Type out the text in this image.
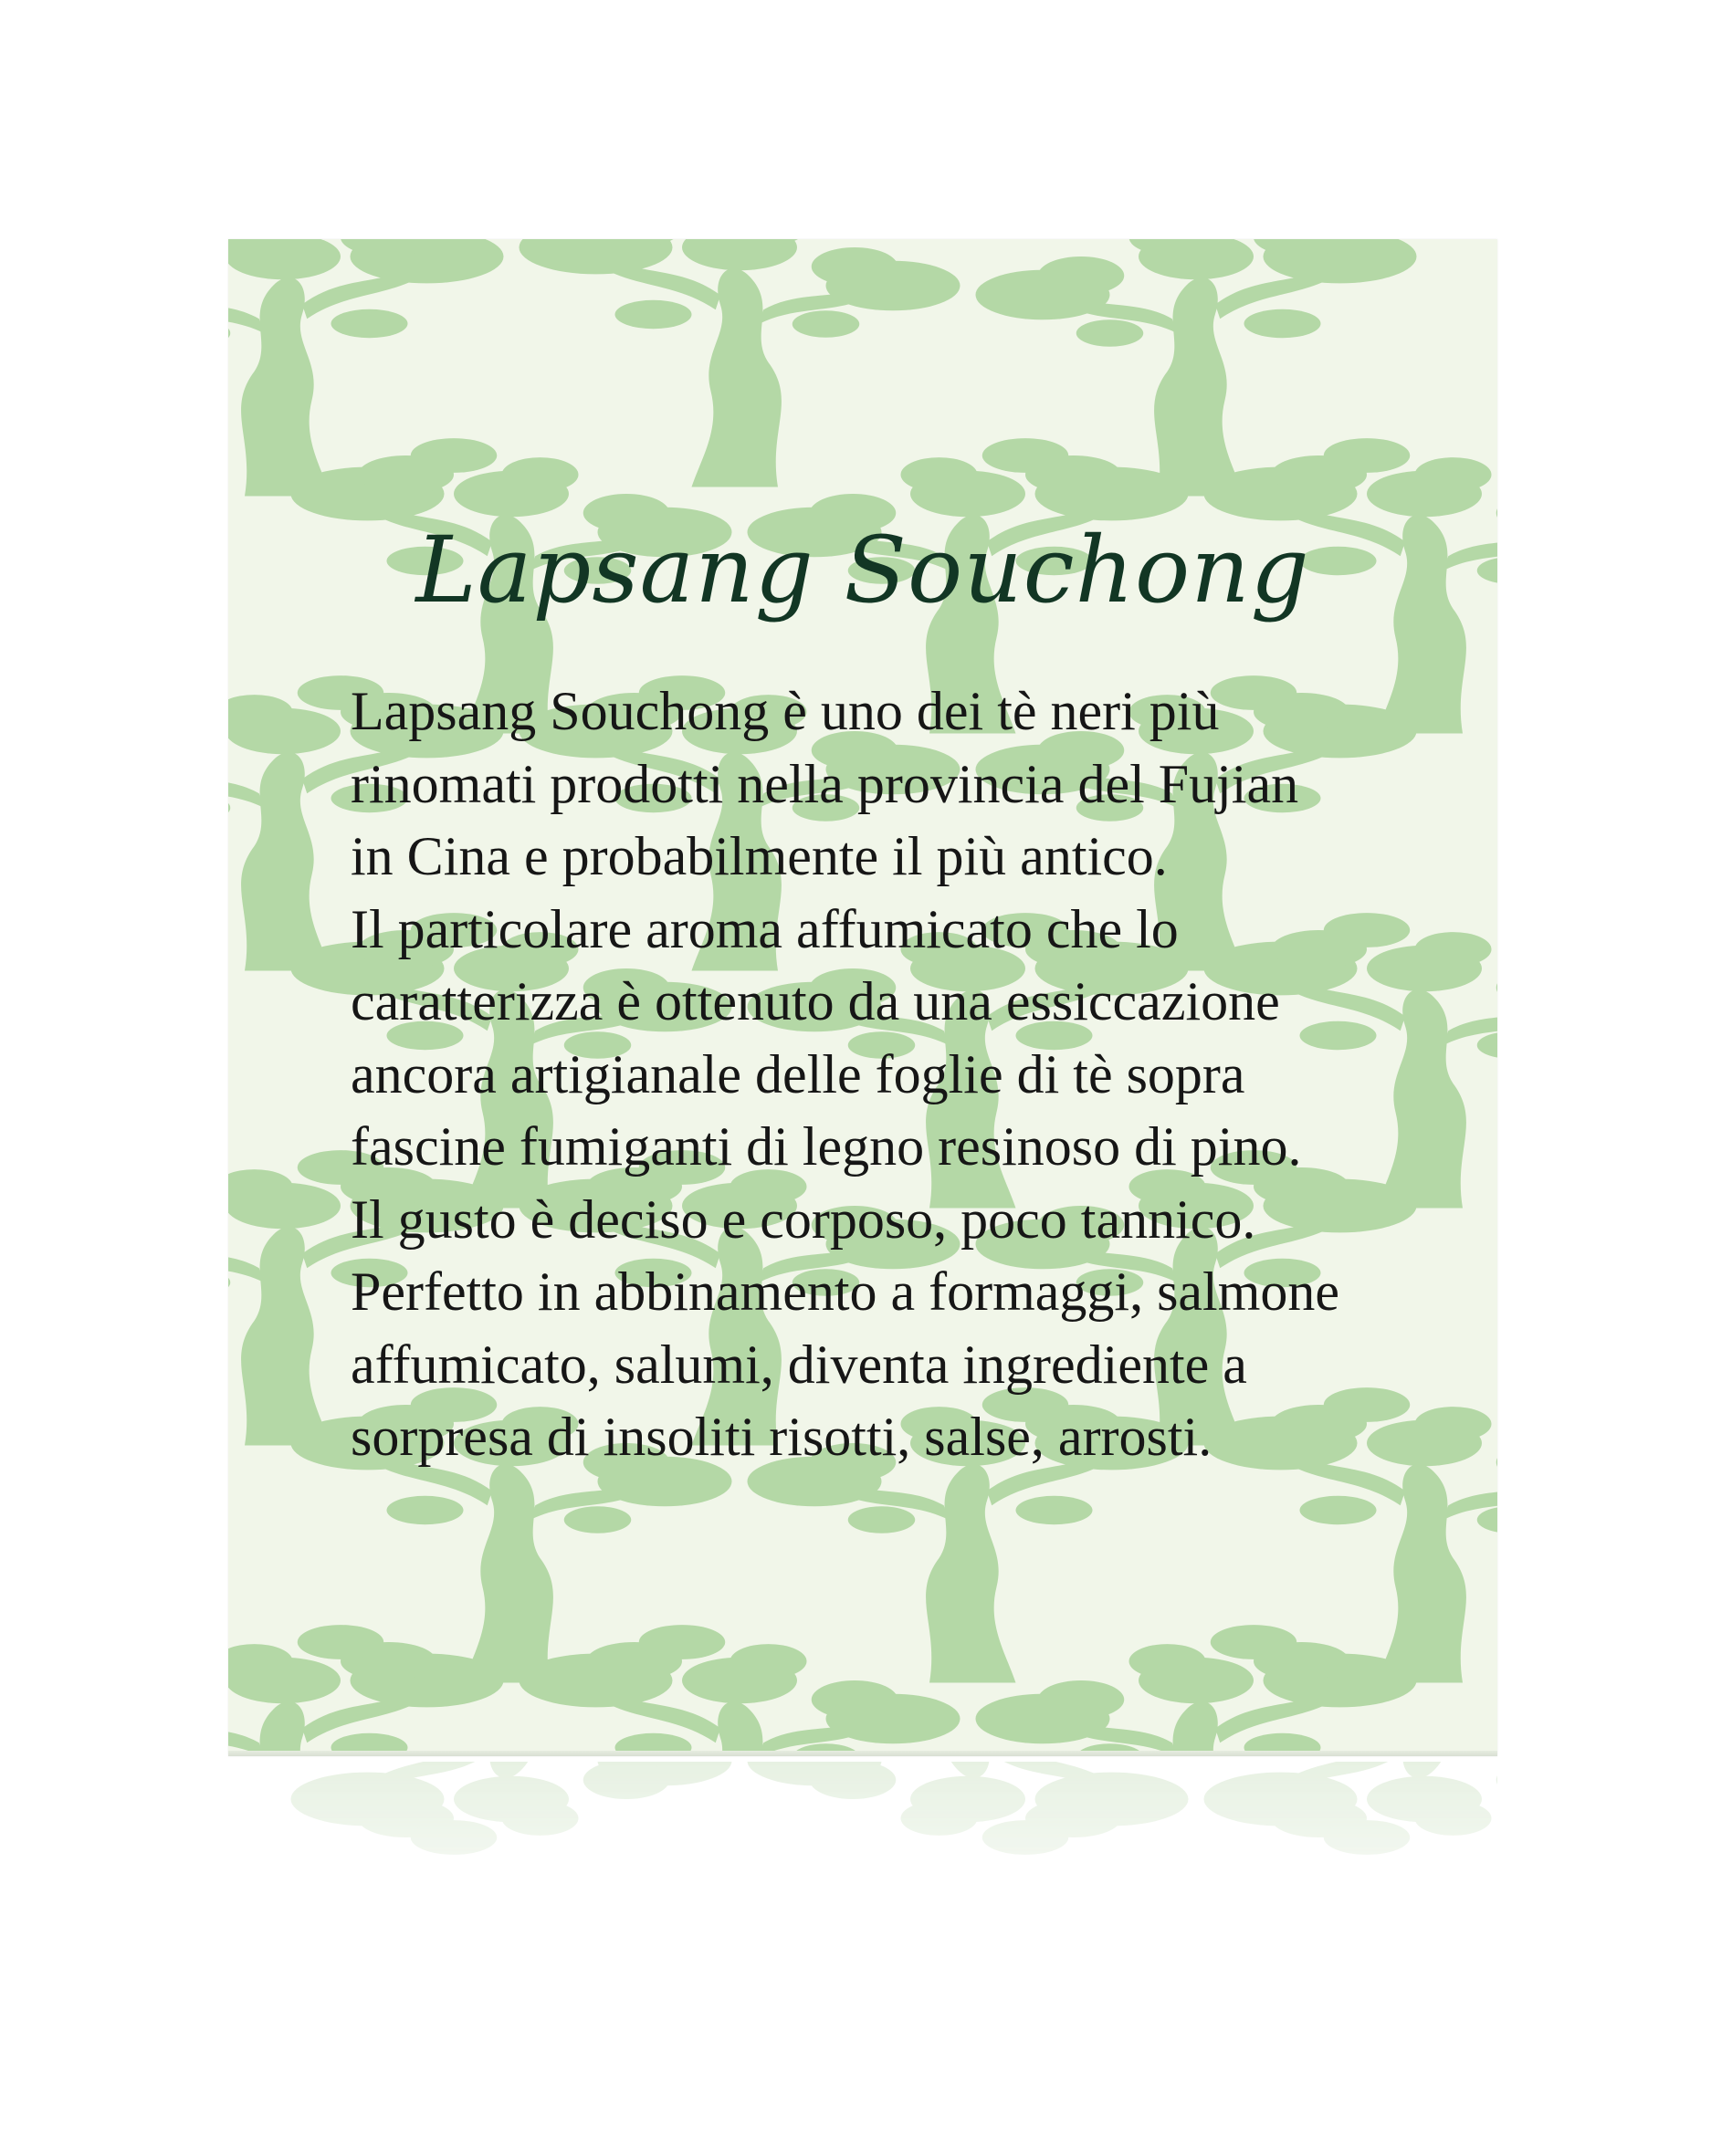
Lapsang Souchong
Lapsang Souchong è uno dei tè neri più
rinomati prodotti nella provincia del Fujian
in Cina e probabilmente il più antico.
Il particolare aroma affumicato che lo
caratterizza è ottenuto da una essiccazione
ancora artigianale delle foglie di tè sopra
fascine fumiganti di legno resinoso di pino.
Il gusto è deciso e corposo, poco tannico.
Perfetto in abbinamento a formaggi, salmone
affumicato, salumi, diventa ingrediente a
sorpresa di insoliti risotti, salse, arrosti.
